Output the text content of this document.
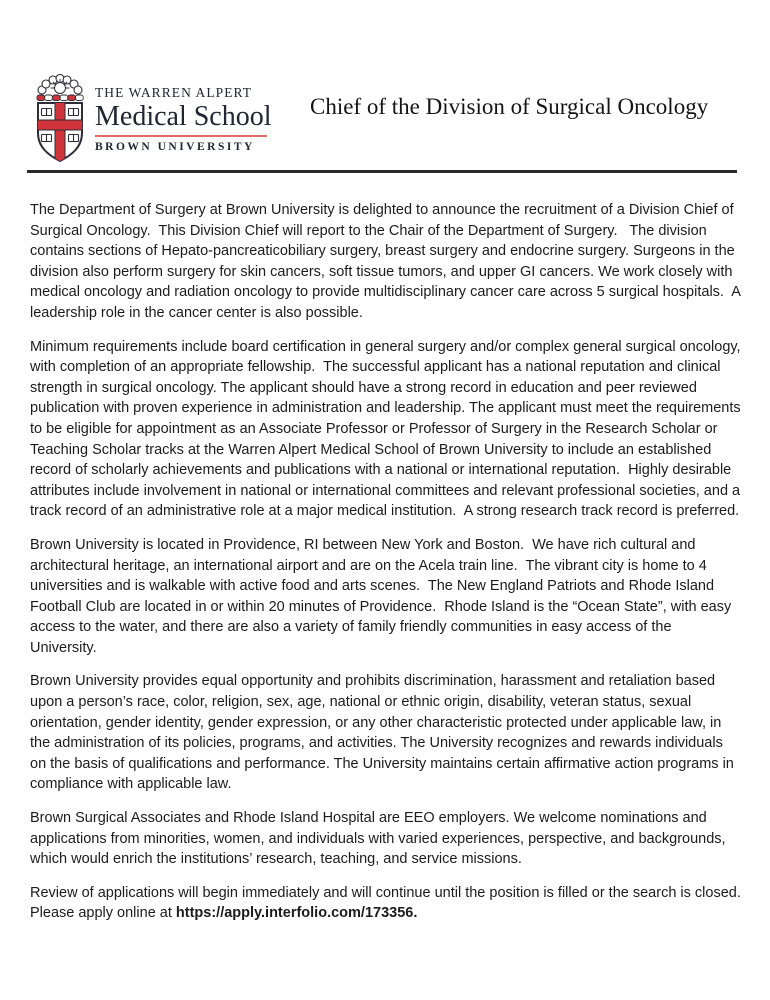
THE WARREN ALPERT
Medical School
BROWN UNIVERSITY
Chief of the Division of Surgical Oncology

The Department of Surgery at Brown University is delighted to announce the recruitment of a Division Chief of Surgical Oncology.  This Division Chief will report to the Chair of the Department of Surgery.   The division contains sections of Hepato-pancreaticobiliary surgery, breast surgery and endocrine surgery. Surgeons in the division also perform surgery for skin cancers, soft tissue tumors, and upper GI cancers. We work closely with medical oncology and radiation oncology to provide multidisciplinary cancer care across 5 surgical hospitals.  A leadership role in the cancer center is also possible.

Minimum requirements include board certification in general surgery and/or complex general surgical oncology, with completion of an appropriate fellowship.  The successful applicant has a national reputation and clinical strength in surgical oncology. The applicant should have a strong record in education and peer reviewed publication with proven experience in administration and leadership. The applicant must meet the requirements to be eligible for appointment as an Associate Professor or Professor of Surgery in the Research Scholar or Teaching Scholar tracks at the Warren Alpert Medical School of Brown University to include an established record of scholarly achievements and publications with a national or international reputation.  Highly desirable attributes include involvement in national or international committees and relevant professional societies, and a track record of an administrative role at a major medical institution.  A strong research track record is preferred.

Brown University is located in Providence, RI between New York and Boston.  We have rich cultural and architectural heritage, an international airport and are on the Acela train line.  The vibrant city is home to 4 universities and is walkable with active food and arts scenes.  The New England Patriots and Rhode Island Football Club are located in or within 20 minutes of Providence.  Rhode Island is the “Ocean State”, with easy access to the water, and there are also a variety of family friendly communities in easy access of the University.

Brown University provides equal opportunity and prohibits discrimination, harassment and retaliation based upon a person’s race, color, religion, sex, age, national or ethnic origin, disability, veteran status, sexual orientation, gender identity, gender expression, or any other characteristic protected under applicable law, in the administration of its policies, programs, and activities. The University recognizes and rewards individuals on the basis of qualifications and performance. The University maintains certain affirmative action programs in compliance with applicable law.

Brown Surgical Associates and Rhode Island Hospital are EEO employers. We welcome nominations and applications from minorities, women, and individuals with varied experiences, perspective, and backgrounds, which would enrich the institutions’ research, teaching, and service missions.

Review of applications will begin immediately and will continue until the position is filled or the search is closed.  Please apply online at https://apply.interfolio.com/173356.
